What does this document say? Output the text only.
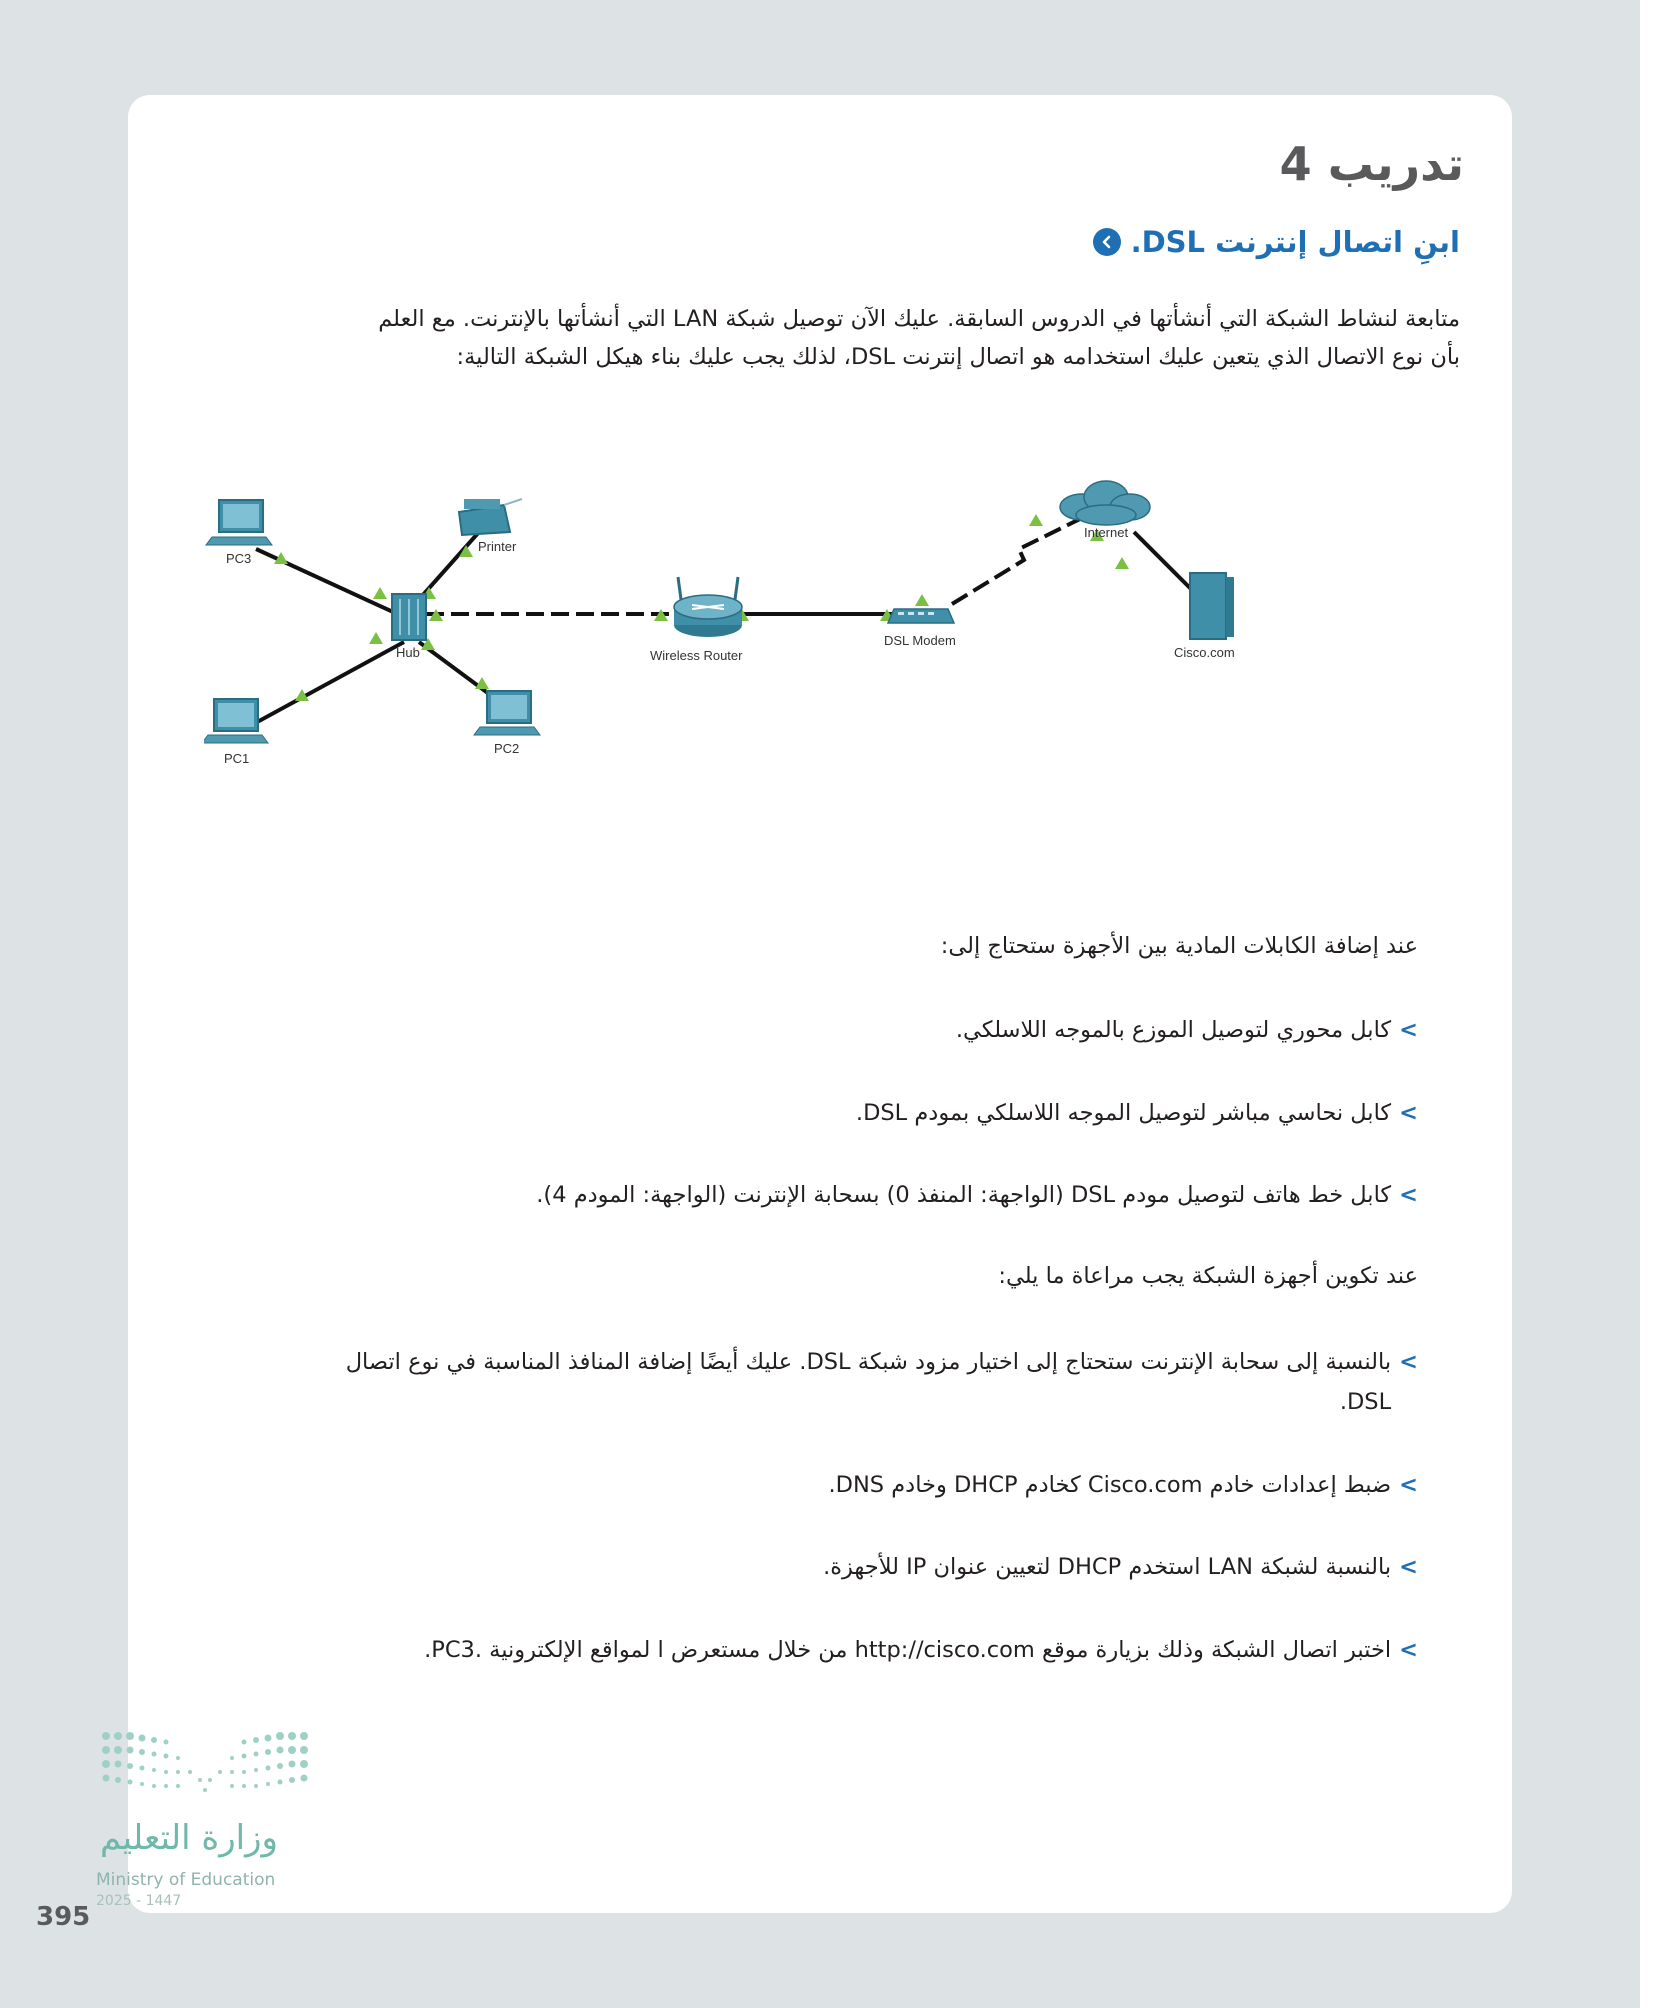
تدريب 4
ابنِ اتصال إنترنت DSL.
متابعة لنشاط الشبكة التي أنشأتها في الدروس السابقة. عليك الآن توصيل شبكة LAN التي أنشأتها بالإنترنت. مع العلم
بأن نوع الاتصال الذي يتعين عليك استخدامه هو اتصال إنترنت DSL، لذلك يجب عليك بناء هيكل الشبكة التالية:
PC3
Printer
Hub
PC1
PC2
Wireless Router
DSL Modem
Internet
Cisco.com

عند إضافة الكابلات المادية بين الأجهزة ستحتاج إلى:

>
كابل محوري لتوصيل الموزع بالموجه اللاسلكي.
>
كابل نحاسي مباشر لتوصيل الموجه اللاسلكي بمودم DSL.
>
كابل خط هاتف لتوصيل مودم DSL (الواجهة: المنفذ 0) بسحابة الإنترنت (الواجهة: المودم 4).

عند تكوين أجهزة الشبكة يجب مراعاة ما يلي:

>
بالنسبة إلى سحابة الإنترنت ستحتاج إلى اختيار مزود شبكة DSL. عليك أيضًا إضافة المنافذ المناسبة في نوع اتصال
DSL.
>
ضبط إعدادات خادم Cisco.com كخادم DHCP وخادم DNS.
>
بالنسبة لشبكة LAN استخدم DHCP لتعيين عنوان IP للأجهزة.
>
اختبر اتصال الشبكة وذلك بزيارة موقع http://cisco.com من خلال مستعرض ا لمواقع الإلكترونية .PC3.
وزارة التعليم
Ministry of Education
2025 - 1447
395
